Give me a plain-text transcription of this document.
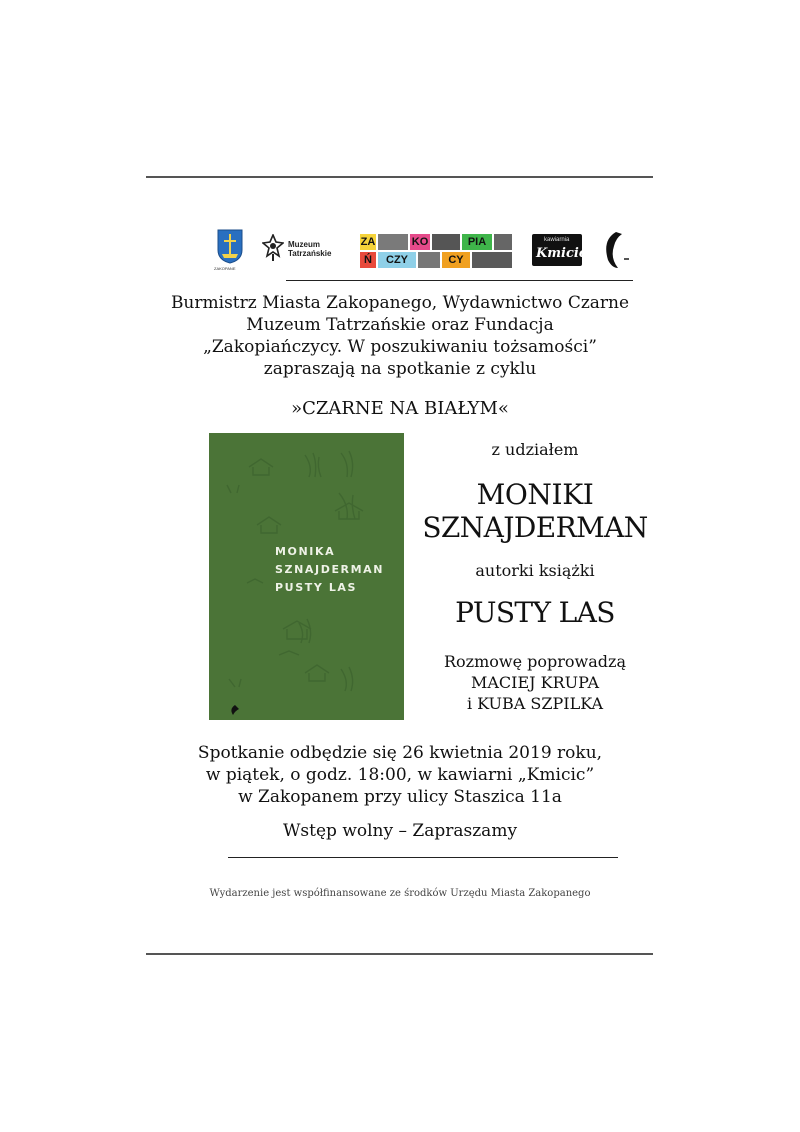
ZAKOPANE
Muzeum
Tatrzańskie
ZA	KO	PIA
Ń	CZY	CY
kawiarnia
Kmicic
Burmistrz Miasta Zakopanego, Wydawnictwo Czarne
Muzeum Tatrzańskie oraz Fundacja
„Zakopiańczycy. W poszukiwaniu tożsamości”
zapraszają na spotkanie z cyklu
»CZARNE NA BIAŁYM«
MONIKA
SZNAJDERMAN
PUSTY LAS
z udziałem
MONIKI
SZNAJDERMAN
autorki książki
PUSTY LAS
Rozmowę poprowadzą
MACIEJ KRUPA
i KUBA SZPILKA
Spotkanie odbędzie się 26 kwietnia 2019 roku,
w piątek, o godz. 18:00, w kawiarni „Kmicic”
w Zakopanem przy ulicy Staszica 11a
Wstęp wolny – Zapraszamy
Wydarzenie jest współfinansowane ze środków Urzędu Miasta Zakopanego
